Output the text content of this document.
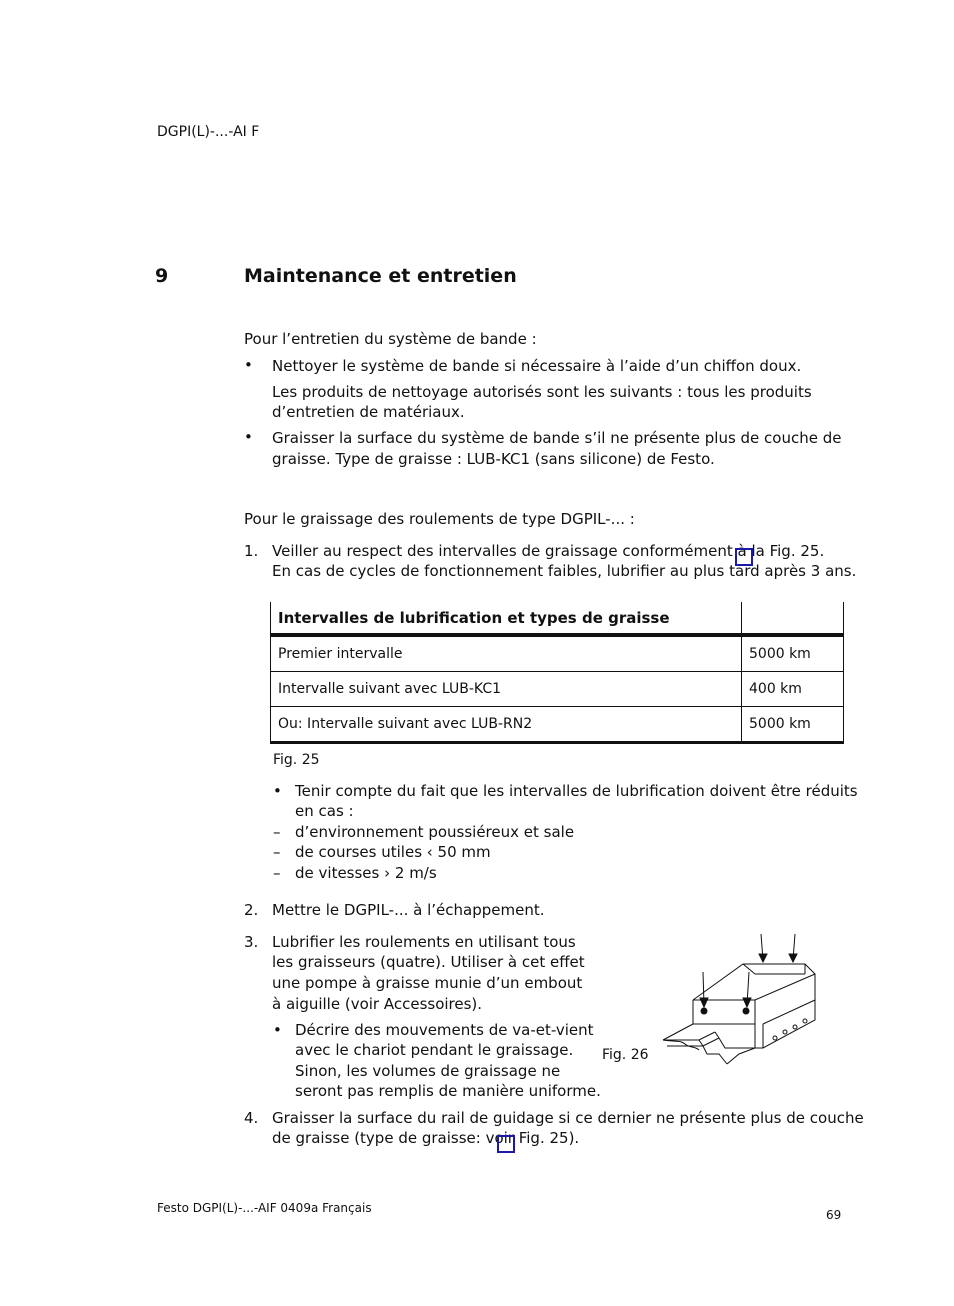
DGPI(L)-...-AI F
9	Maintenance et entretien
Pour l’entretien du système de bande :
• Nettoyer le système de bande si nécessaire à l’aide d’un chiffon doux.
Les produits de nettoyage autorisés sont les suivants : tous les produits
d’entretien de matériaux.
• Graisser la surface du système de bande s’il ne présente plus de couche de
graisse. Type de graisse : LUB-KC1 (sans silicone) de Festo.
Pour le graissage des roulements de type DGPIL-... :
1. Veiller au respect des intervalles de graissage conformément à la Fig. 25.
En cas de cycles de fonctionnement faibles, lubrifier au plus tard après 3 ans.
Intervalles de lubrification et types de graisse	
Premier intervalle	5000 km
Intervalle suivant avec LUB-KC1	400 km
Ou: Intervalle suivant avec LUB-RN2	5000 km
Fig. 25
• Tenir compte du fait que les intervalles de lubrification doivent être réduits
en cas :
– d’environnement poussiéreux et sale
– de courses utiles ‹ 50 mm
– de vitesses › 2 m/s
2. Mettre le DGPIL-... à l’échappement.
3. Lubrifier les roulements en utilisant tous
les graisseurs (quatre). Utiliser à cet effet
une pompe à graisse munie d’un embout
à aiguille (voir Accessoires).
• Décrire des mouvements de va-et-vient
avec le chariot pendant le graissage.
Sinon, les volumes de graissage ne
seront pas remplis de manière uniforme.
Fig. 26
4. Graisser la surface du rail de guidage si ce dernier ne présente plus de couche
de graisse (type de graisse: voir Fig. 25).
Festo DGPI(L)-...-AIF 0409a Français	69
